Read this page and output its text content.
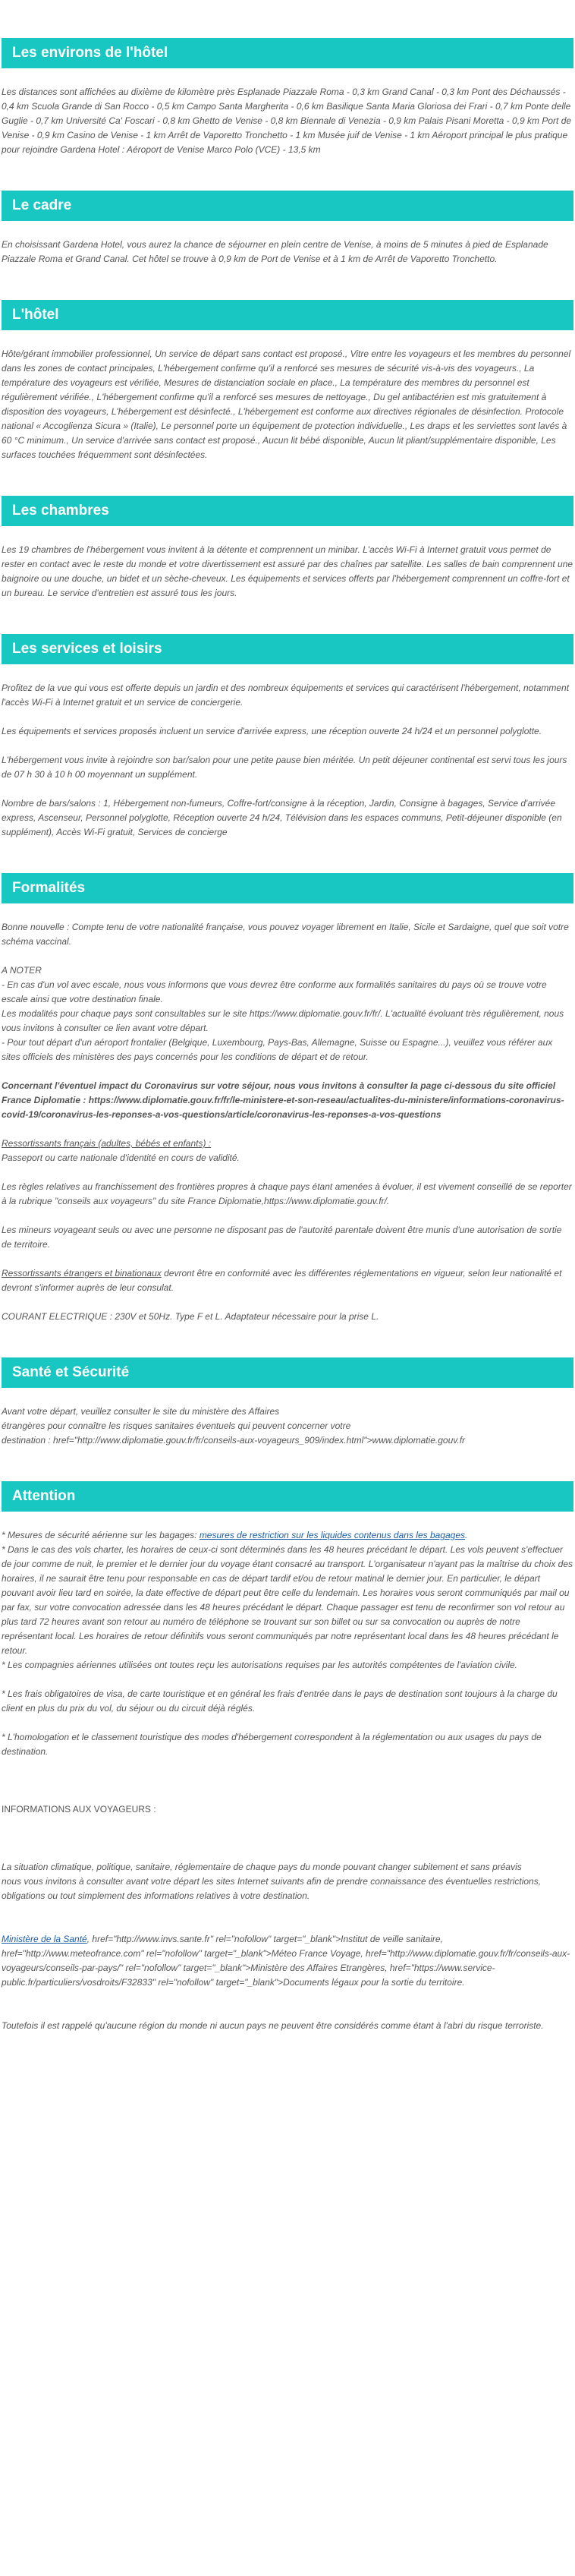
Les environs de l'hôtel

Les distances sont affichées au dixième de kilomètre près Esplanade Piazzale Roma - 0,3 km Grand Canal - 0,3 km Pont des Déchaussés - 0,4 km Scuola Grande di San Rocco - 0,5 km Campo Santa Margherita - 0,6 km Basilique Santa Maria Gloriosa dei Frari - 0,7 km Ponte delle Guglie - 0,7 km Université Ca' Foscari - 0,8 km Ghetto de Venise - 0,8 km Biennale di Venezia - 0,9 km Palais Pisani Moretta - 0,9 km Port de Venise - 0,9 km Casino de Venise - 1 km Arrêt de Vaporetto Tronchetto - 1 km Musée juif de Venise - 1 km Aéroport principal le plus pratique pour rejoindre Gardena Hotel : Aéroport de Venise Marco Polo (VCE) - 13,5 km

Le cadre

En choisissant Gardena Hotel, vous aurez la chance de séjourner en plein centre de Venise, à moins de 5 minutes à pied de Esplanade Piazzale Roma et Grand Canal. Cet hôtel se trouve à 0,9 km de Port de Venise et à 1 km de Arrêt de Vaporetto Tronchetto.

L'hôtel

Hôte/gérant immobilier professionnel, Un service de départ sans contact est proposé., Vitre entre les voyageurs et les membres du personnel dans les zones de contact principales, L'hébergement confirme qu'il a renforcé ses mesures de sécurité vis-à-vis des voyageurs., La température des voyageurs est vérifiée, Mesures de distanciation sociale en place., La température des membres du personnel est régulièrement vérifiée., L'hébergement confirme qu'il a renforcé ses mesures de nettoyage., Du gel antibactérien est mis gratuitement à disposition des voyageurs, L'hébergement est désinfecté., L'hébergement est conforme aux directives régionales de désinfection. Protocole national « Accoglienza Sicura » (Italie), Le personnel porte un équipement de protection individuelle., Les draps et les serviettes sont lavés à 60 °C minimum., Un service d'arrivée sans contact est proposé., Aucun lit bébé disponible, Aucun lit pliant/supplémentaire disponible, Les surfaces touchées fréquemment sont désinfectées.

Les chambres

Les 19 chambres de l'hébergement vous invitent à la détente et comprennent un minibar. L'accès Wi-Fi à Internet gratuit vous permet de rester en contact avec le reste du monde et votre divertissement est assuré par des chaînes par satellite. Les salles de bain comprennent une baignoire ou une douche, un bidet et un sèche-cheveux. Les équipements et services offerts par l'hébergement comprennent un coffre-fort et un bureau. Le service d'entretien est assuré tous les jours.

Les services et loisirs

Profitez de la vue qui vous est offerte depuis un jardin et des nombreux équipements et services qui caractérisent l'hébergement, notamment l'accès Wi-Fi à Internet gratuit et un service de conciergerie.

Les équipements et services proposés incluent un service d'arrivée express, une réception ouverte 24 h/24 et un personnel polyglotte.

L'hébergement vous invite à rejoindre son bar/salon pour une petite pause bien méritée. Un petit déjeuner continental est servi tous les jours de 07 h 30 à 10 h 00 moyennant un supplément.

Nombre de bars/salons : 1, Hébergement non-fumeurs, Coffre-fort/consigne à la réception, Jardin, Consigne à bagages, Service d'arrivée express, Ascenseur, Personnel polyglotte, Réception ouverte 24 h/24, Télévision dans les espaces communs, Petit-déjeuner disponible (en supplément), Accès Wi-Fi gratuit, Services de concierge

Formalités

Bonne nouvelle : Compte tenu de votre nationalité française, vous pouvez voyager librement en Italie, Sicile et Sardaigne, quel que soit votre schéma vaccinal.

A NOTER

- En cas d'un vol avec escale, nous vous informons que vous devrez être conforme aux formalités sanitaires du pays où se trouve votre escale ainsi que votre destination finale.

Les modalités pour chaque pays sont consultables sur le site https://www.diplomatie.gouv.fr/fr/. L'actualité évoluant très régulièrement, nous vous invitons à consulter ce lien avant votre départ.

- Pour tout départ d'un aéroport frontalier (Belgique, Luxembourg, Pays-Bas, Allemagne, Suisse ou Espagne...), veuillez vous référer aux sites officiels des ministères des pays concernés pour les conditions de départ et de retour.

Concernant l'éventuel impact du Coronavirus sur votre séjour, nous vous invitons à consulter la page ci-dessous du site officiel France Diplomatie : https://www.diplomatie.gouv.fr/fr/le-ministere-et-son-reseau/actualites-du-ministere/informations-coronavirus-covid-19/coronavirus-les-reponses-a-vos-questions/article/coronavirus-les-reponses-a-vos-questions

Ressortissants français (adultes, bébés et enfants) :

Passeport ou carte nationale d'identité en cours de validité.

Les règles relatives au franchissement des frontières propres à chaque pays étant amenées à évoluer, il est vivement conseillé de se reporter à la rubrique "conseils aux voyageurs" du site France Diplomatie,https://www.diplomatie.gouv.fr/.

Les mineurs voyageant seuls ou avec une personne ne disposant pas de l'autorité parentale doivent être munis d'une autorisation de sortie de territoire.

Ressortissants étrangers et binationaux devront être en conformité avec les différentes réglementations en vigueur, selon leur nationalité et devront s'informer auprès de leur consulat.

COURANT ELECTRIQUE : 230V et 50Hz. Type F et L. Adaptateur nécessaire pour la prise L.

Santé et Sécurité

Avant votre départ, veuillez consulter le site du ministère des Affaires

étrangères pour connaître les risques sanitaires éventuels qui peuvent concerner votre

destination : href="http://www.diplomatie.gouv.fr/fr/conseils-aux-voyageurs_909/index.html">www.diplomatie.gouv.fr

Attention

* Mesures de sécurité aérienne sur les bagages: mesures de restriction sur les liquides contenus dans les bagages.

* Dans le cas des vols charter, les horaires de ceux-ci sont déterminés dans les 48 heures précédant le départ. Les vols peuvent s'effectuer de jour comme de nuit, le premier et le dernier jour du voyage étant consacré au transport. L'organisateur n'ayant pas la maîtrise du choix des horaires, il ne saurait être tenu pour responsable en cas de départ tardif et/ou de retour matinal le dernier jour. En particulier, le départ pouvant avoir lieu tard en soirée, la date effective de départ peut être celle du lendemain. Les horaires vous seront communiqués par mail ou par fax, sur votre convocation adressée dans les 48 heures précédant le départ. Chaque passager est tenu de reconfirmer son vol retour au plus tard 72 heures avant son retour au numéro de téléphone se trouvant sur son billet ou sur sa convocation ou auprès de notre représentant local. Les horaires de retour définitifs vous seront communiqués par notre représentant local dans les 48 heures précédant le retour.

* Les compagnies aériennes utilisées ont toutes reçu les autorisations requises par les autorités compétentes de l'aviation civile.

* Les frais obligatoires de visa, de carte touristique et en général les frais d'entrée dans le pays de destination sont toujours à la charge du client en plus du prix du vol, du séjour ou du circuit déjà réglés.

* L'homologation et le classement touristique des modes d'hébergement correspondent à la réglementation ou aux usages du pays de destination.

INFORMATIONS AUX VOYAGEURS :

La situation climatique, politique, sanitaire, réglementaire de chaque pays du monde pouvant changer subitement et sans préavis

nous vous invitons à consulter avant votre départ les sites Internet suivants afin de prendre connaissance des éventuelles restrictions, obligations ou tout simplement des informations relatives à votre destination.

Ministère de la Santé, href="http://www.invs.sante.fr" rel="nofollow" target="_blank">Institut de veille sanitaire, href="http://www.meteofrance.com" rel="nofollow" target="_blank">Méteo France Voyage, href="http://www.diplomatie.gouv.fr/fr/conseils-aux-voyageurs/conseils-par-pays/" rel="nofollow" target="_blank">Ministère des Affaires Etrangères, href="https://www.service-public.fr/particuliers/vosdroits/F32833" rel="nofollow" target="_blank">Documents légaux pour la sortie du territoire.

Toutefois il est rappelé qu'aucune région du monde ni aucun pays ne peuvent être considérés comme étant à l'abri du risque terroriste.
